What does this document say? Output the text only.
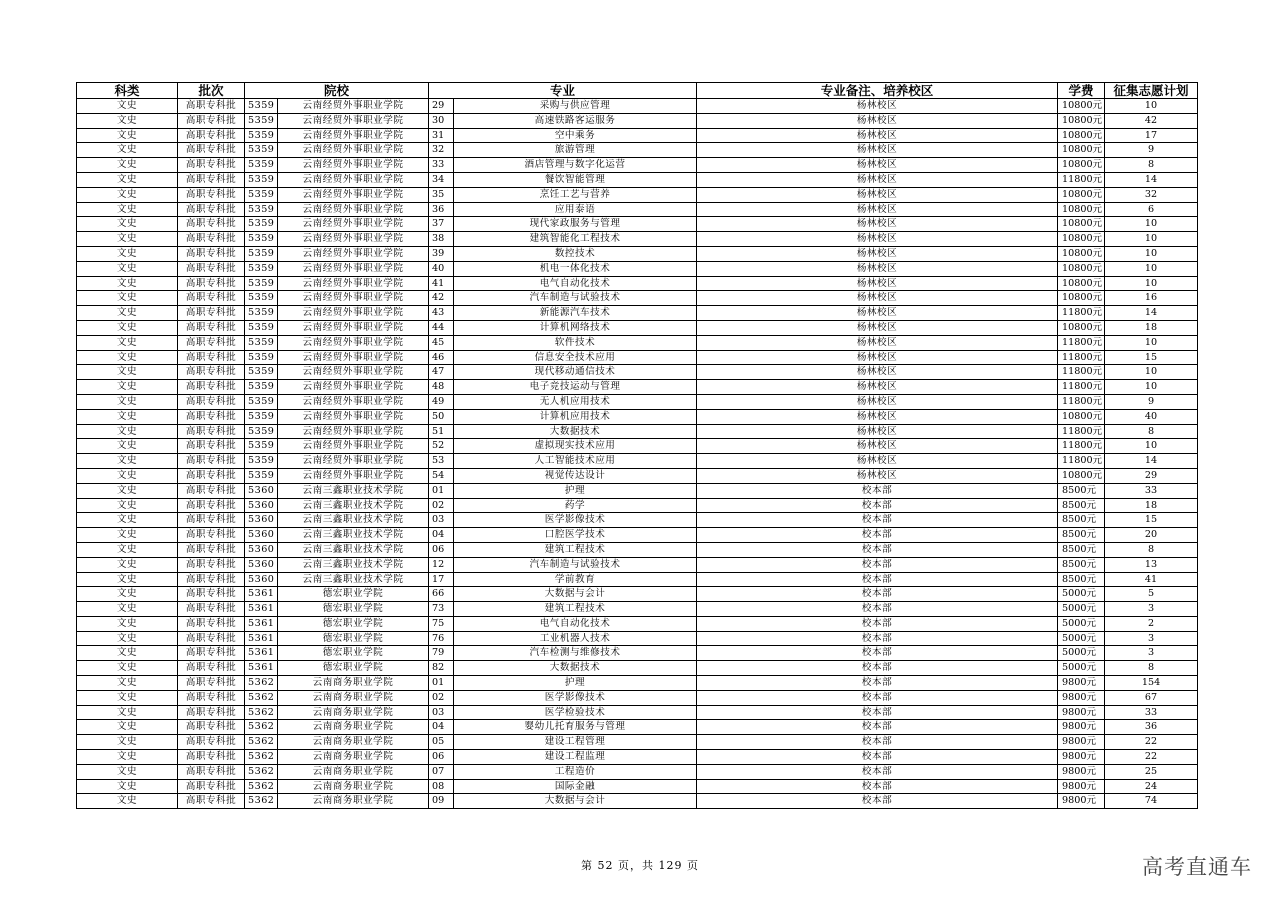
科类	批次	院校		专业		专业备注、培养校区	学费	征集志愿计划
文史	高职专科批	5359	云南经贸外事职业学院	29	采购与供应管理	杨林校区	10800元	10
文史	高职专科批	5359	云南经贸外事职业学院	30	高速铁路客运服务	杨林校区	10800元	42
文史	高职专科批	5359	云南经贸外事职业学院	31	空中乘务	杨林校区	10800元	17
文史	高职专科批	5359	云南经贸外事职业学院	32	旅游管理	杨林校区	10800元	9
文史	高职专科批	5359	云南经贸外事职业学院	33	酒店管理与数字化运营	杨林校区	10800元	8
文史	高职专科批	5359	云南经贸外事职业学院	34	餐饮智能管理	杨林校区	11800元	14
文史	高职专科批	5359	云南经贸外事职业学院	35	烹饪工艺与营养	杨林校区	10800元	32
文史	高职专科批	5359	云南经贸外事职业学院	36	应用泰语	杨林校区	10800元	6
文史	高职专科批	5359	云南经贸外事职业学院	37	现代家政服务与管理	杨林校区	10800元	10
文史	高职专科批	5359	云南经贸外事职业学院	38	建筑智能化工程技术	杨林校区	10800元	10
文史	高职专科批	5359	云南经贸外事职业学院	39	数控技术	杨林校区	10800元	10
文史	高职专科批	5359	云南经贸外事职业学院	40	机电一体化技术	杨林校区	10800元	10
文史	高职专科批	5359	云南经贸外事职业学院	41	电气自动化技术	杨林校区	10800元	10
文史	高职专科批	5359	云南经贸外事职业学院	42	汽车制造与试验技术	杨林校区	10800元	16
文史	高职专科批	5359	云南经贸外事职业学院	43	新能源汽车技术	杨林校区	11800元	14
文史	高职专科批	5359	云南经贸外事职业学院	44	计算机网络技术	杨林校区	10800元	18
文史	高职专科批	5359	云南经贸外事职业学院	45	软件技术	杨林校区	11800元	10
文史	高职专科批	5359	云南经贸外事职业学院	46	信息安全技术应用	杨林校区	11800元	15
文史	高职专科批	5359	云南经贸外事职业学院	47	现代移动通信技术	杨林校区	11800元	10
文史	高职专科批	5359	云南经贸外事职业学院	48	电子竞技运动与管理	杨林校区	11800元	10
文史	高职专科批	5359	云南经贸外事职业学院	49	无人机应用技术	杨林校区	11800元	9
文史	高职专科批	5359	云南经贸外事职业学院	50	计算机应用技术	杨林校区	10800元	40
文史	高职专科批	5359	云南经贸外事职业学院	51	大数据技术	杨林校区	11800元	8
文史	高职专科批	5359	云南经贸外事职业学院	52	虚拟现实技术应用	杨林校区	11800元	10
文史	高职专科批	5359	云南经贸外事职业学院	53	人工智能技术应用	杨林校区	11800元	14
文史	高职专科批	5359	云南经贸外事职业学院	54	视觉传达设计	杨林校区	10800元	29
文史	高职专科批	5360	云南三鑫职业技术学院	01	护理	校本部	8500元	33
文史	高职专科批	5360	云南三鑫职业技术学院	02	药学	校本部	8500元	18
文史	高职专科批	5360	云南三鑫职业技术学院	03	医学影像技术	校本部	8500元	15
文史	高职专科批	5360	云南三鑫职业技术学院	04	口腔医学技术	校本部	8500元	20
文史	高职专科批	5360	云南三鑫职业技术学院	06	建筑工程技术	校本部	8500元	8
文史	高职专科批	5360	云南三鑫职业技术学院	12	汽车制造与试验技术	校本部	8500元	13
文史	高职专科批	5360	云南三鑫职业技术学院	17	学前教育	校本部	8500元	41
文史	高职专科批	5361	德宏职业学院	66	大数据与会计	校本部	5000元	5
文史	高职专科批	5361	德宏职业学院	73	建筑工程技术	校本部	5000元	3
文史	高职专科批	5361	德宏职业学院	75	电气自动化技术	校本部	5000元	2
文史	高职专科批	5361	德宏职业学院	76	工业机器人技术	校本部	5000元	3
文史	高职专科批	5361	德宏职业学院	79	汽车检测与维修技术	校本部	5000元	3
文史	高职专科批	5361	德宏职业学院	82	大数据技术	校本部	5000元	8
文史	高职专科批	5362	云南商务职业学院	01	护理	校本部	9800元	154
文史	高职专科批	5362	云南商务职业学院	02	医学影像技术	校本部	9800元	67
文史	高职专科批	5362	云南商务职业学院	03	医学检验技术	校本部	9800元	33
文史	高职专科批	5362	云南商务职业学院	04	婴幼儿托育服务与管理	校本部	9800元	36
文史	高职专科批	5362	云南商务职业学院	05	建设工程管理	校本部	9800元	22
文史	高职专科批	5362	云南商务职业学院	06	建设工程监理	校本部	9800元	22
文史	高职专科批	5362	云南商务职业学院	07	工程造价	校本部	9800元	25
文史	高职专科批	5362	云南商务职业学院	08	国际金融	校本部	9800元	24
文史	高职专科批	5362	云南商务职业学院	09	大数据与会计	校本部	9800元	74
第 52 页，共 129 页	高考直通车
